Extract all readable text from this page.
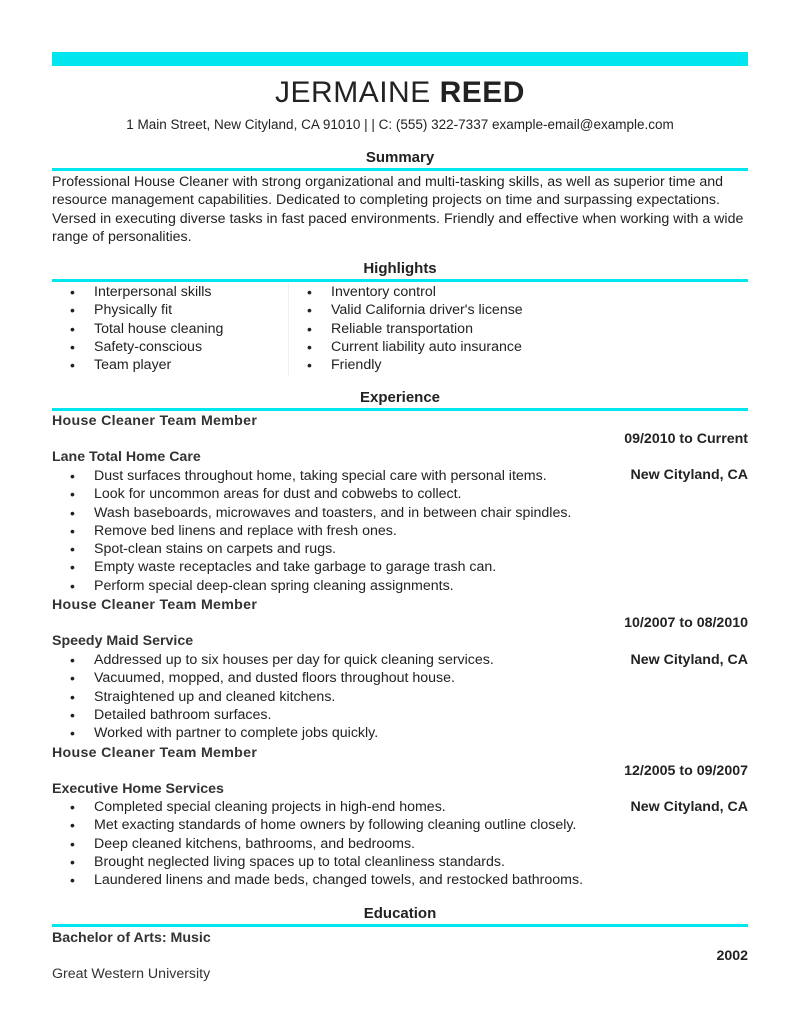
JERMAINE REED
1 Main Street, New Cityland, CA 91010 | | C: (555) 322-7337 example-email@example.com
Summary
Professional House Cleaner with strong organizational and multi-tasking skills, as well as superior time and resource management capabilities. Dedicated to completing projects on time and surpassing expectations. Versed in executing diverse tasks in fast paced environments. Friendly and effective when working with a wide range of personalities.
Highlights
• Interpersonal skills
• Physically fit
• Total house cleaning
• Safety-conscious
• Team player
• Inventory control
• Valid California driver's license
• Reliable transportation
• Current liability auto insurance
• Friendly
Experience
House Cleaner Team Member
09/2010 to Current
Lane Total Home Care
New Cityland, CA
• Dust surfaces throughout home, taking special care with personal items.
• Look for uncommon areas for dust and cobwebs to collect.
• Wash baseboards, microwaves and toasters, and in between chair spindles.
• Remove bed linens and replace with fresh ones.
• Spot-clean stains on carpets and rugs.
• Empty waste receptacles and take garbage to garage trash can.
• Perform special deep-clean spring cleaning assignments.
House Cleaner Team Member
10/2007 to 08/2010
Speedy Maid Service
New Cityland, CA
• Addressed up to six houses per day for quick cleaning services.
• Vacuumed, mopped, and dusted floors throughout house.
• Straightened up and cleaned kitchens.
• Detailed bathroom surfaces.
• Worked with partner to complete jobs quickly.
House Cleaner Team Member
12/2005 to 09/2007
Executive Home Services
New Cityland, CA
• Completed special cleaning projects in high-end homes.
• Met exacting standards of home owners by following cleaning outline closely.
• Deep cleaned kitchens, bathrooms, and bedrooms.
• Brought neglected living spaces up to total cleanliness standards.
• Laundered linens and made beds, changed towels, and restocked bathrooms.
Education
Bachelor of Arts: Music
2002
Great Western University
